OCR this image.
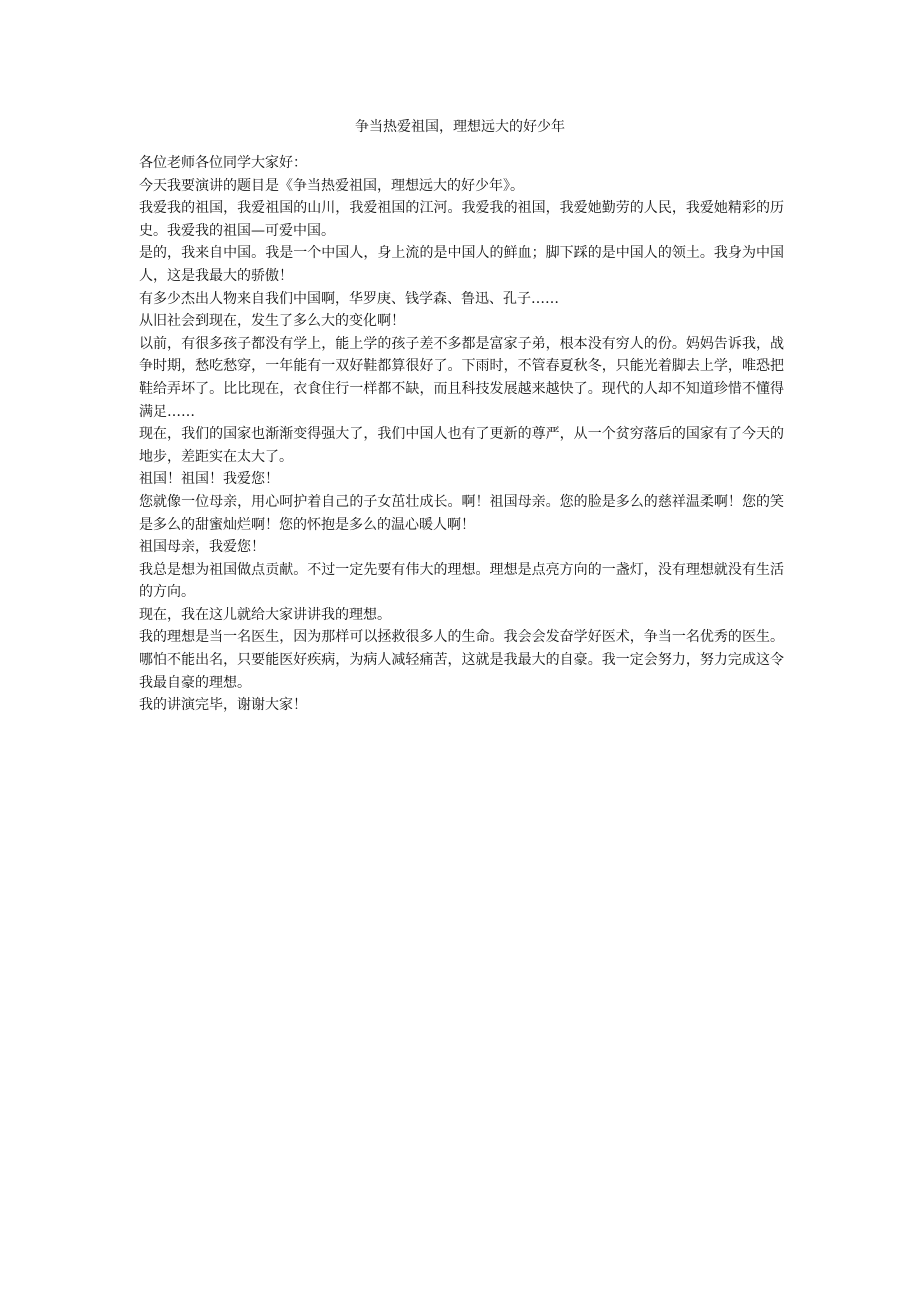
争当热爱祖国，理想远大的好少年

各位老师各位同学大家好：

今天我要演讲的题目是《争当热爱祖国，理想远大的好少年》。

我爱我的祖国，我爱祖国的山川，我爱祖国的江河。我爱我的祖国，我爱她勤劳的人民，我爱她精彩的历史。我爱我的祖国—可爱中国。

是的，我来自中国。我是一个中国人，身上流的是中国人的鲜血；脚下踩的是中国人的领土。我身为中国人，这是我最大的骄傲！

有多少杰出人物来自我们中国啊，华罗庚、钱学森、鲁迅、孔子……

从旧社会到现在，发生了多么大的变化啊！

以前，有很多孩子都没有学上，能上学的孩子差不多都是富家子弟，根本没有穷人的份。妈妈告诉我，战争时期，愁吃愁穿，一年能有一双好鞋都算很好了。下雨时，不管春夏秋冬，只能光着脚去上学，唯恐把鞋给弄坏了。比比现在，衣食住行一样都不缺，而且科技发展越来越快了。现代的人却不知道珍惜不懂得满足……

现在，我们的国家也渐渐变得强大了，我们中国人也有了更新的尊严，从一个贫穷落后的国家有了今天的地步，差距实在太大了。

祖国！祖国！我爱您！

您就像一位母亲，用心呵护着自己的子女茁壮成长。啊！祖国母亲。您的脸是多么的慈祥温柔啊！您的笑是多么的甜蜜灿烂啊！您的怀抱是多么的温心暖人啊！

祖国母亲，我爱您！

我总是想为祖国做点贡献。不过一定先要有伟大的理想。理想是点亮方向的一盏灯，没有理想就没有生活的方向。

现在，我在这儿就给大家讲讲我的理想。

我的理想是当一名医生，因为那样可以拯救很多人的生命。我会会发奋学好医术，争当一名优秀的医生。哪怕不能出名，只要能医好疾病，为病人减轻痛苦，这就是我最大的自豪。我一定会努力，努力完成这令我最自豪的理想。

我的讲演完毕，谢谢大家！
